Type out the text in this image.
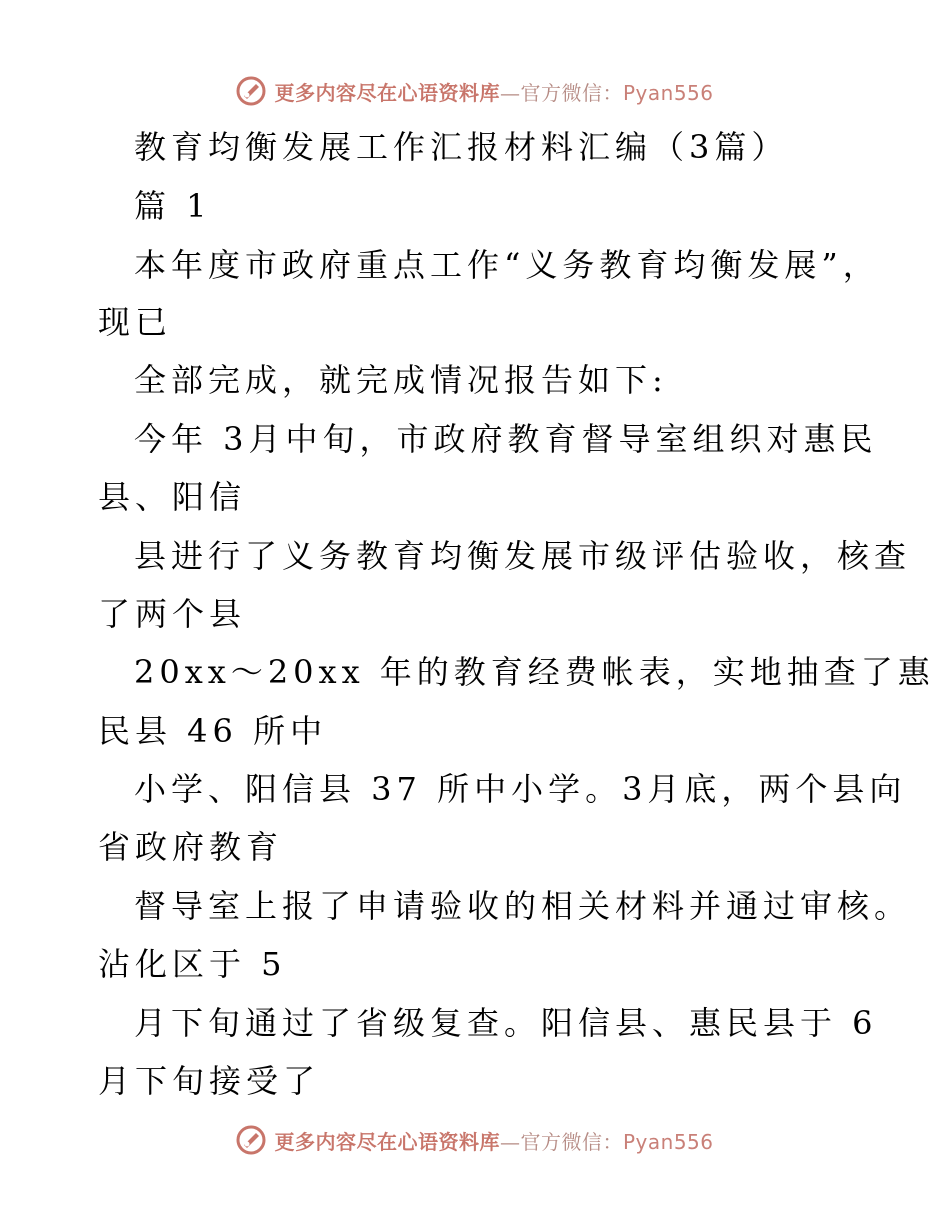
更多内容尽在心语资料库—官方微信：Pyan556
教育均衡发展工作汇报材料汇编（3篇）
篇 1
本年度市政府重点工作“义务教育均衡发展”，
现已
全部完成，就完成情况报告如下:
今年 3月中旬，市政府教育督导室组织对惠民
县、阳信
县进行了义务教育均衡发展市级评估验收，核查
了两个县
20xx～20xx 年的教育经费帐表，实地抽查了惠
民县 46 所中
小学、阳信县 37 所中小学。3月底，两个县向
省政府教育
督导室上报了申请验收的相关材料并通过审核。
沾化区于 5
月下旬通过了省级复查。阳信县、惠民县于 6
月下旬接受了
更多内容尽在心语资料库—官方微信：Pyan556
